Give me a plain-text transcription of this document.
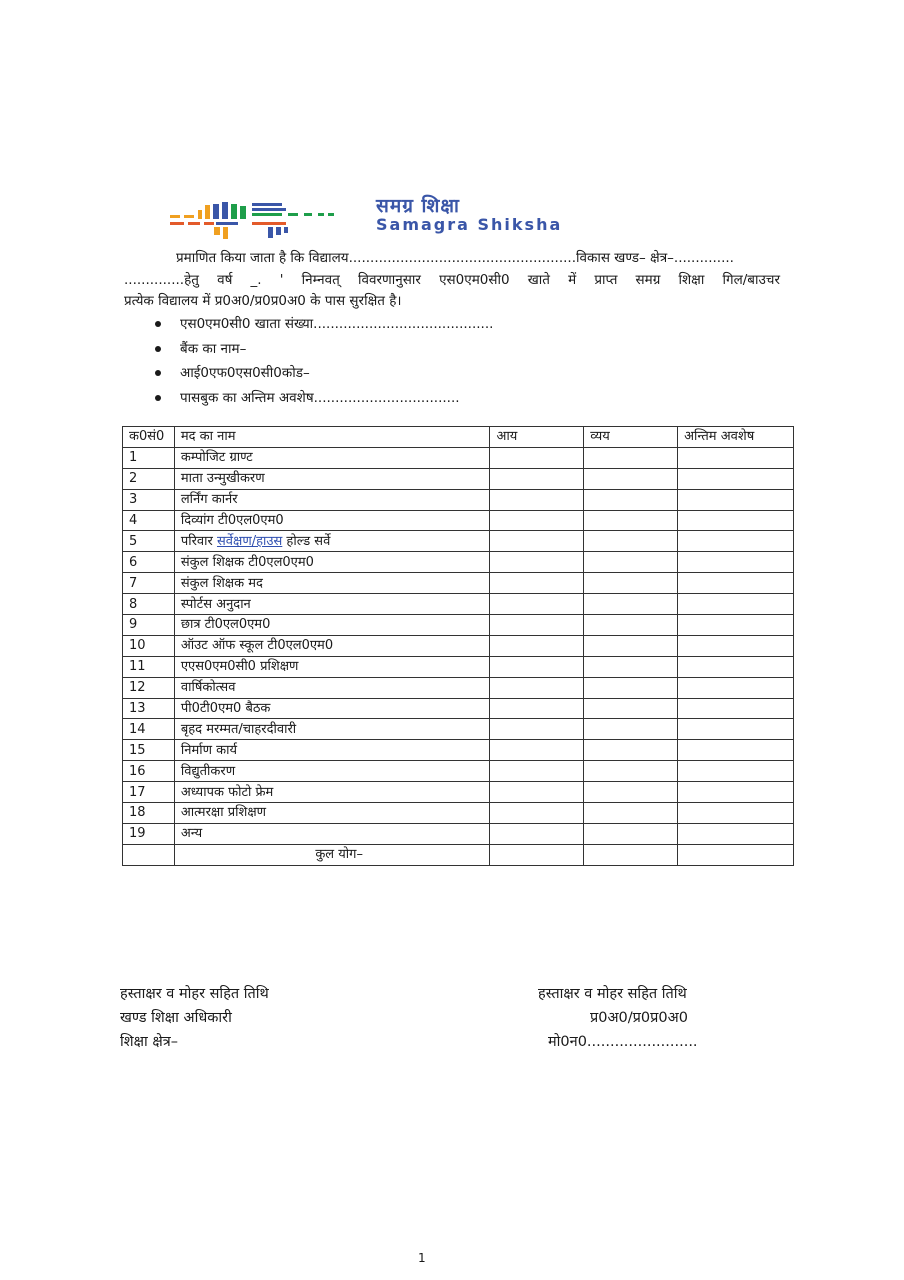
समग्र शिक्षा
Samagra Shiksha
प्रमाणित किया जाता है कि विद्यालय.....................................................विकास खण्ड– क्षेत्र–..............
..............हेतु वर्ष _. ' निम्नवत् विवरणानुसार एस0एम0सी0 खाते में प्राप्त समग्र शिक्षा गिल/बाउचर
प्रत्येक विद्यालय में प्र0अ0/प्र0प्र0अ0 के पास सुरक्षित है।
एस0एम0सी0 खाता संख्या..........................................
बैंक का नाम–
आई0एफ0एस0सी0कोड–
पासबुक का अन्तिम अवशेष..................................
क0सं0	मद का नाम	आय	व्यय	अन्तिम अवशेष
1	कम्पोजिट ग्राण्ट			
2	माता उन्मुखीकरण			
3	लर्निंग कार्नर			
4	दिव्यांग टी0एल0एम0			
5	परिवार सर्वेक्षण/हाउस होल्ड सर्वे			
6	संकुल शिक्षक टी0एल0एम0			
7	संकुल शिक्षक मद			
8	स्पोर्टस अनुदान			
9	छात्र टी0एल0एम0			
10	ऑउट ऑफ स्कूल टी0एल0एम0			
11	एएस0एम0सी0 प्रशिक्षण			
12	वार्षिकोत्सव			
13	पी0टी0एम0 बैठक			
14	बृहद मरम्मत/चाहरदीवारी			
15	निर्माण कार्य			
16	विद्युतीकरण			
17	अध्यापक फोटो फ्रेम			
18	आत्मरक्षा प्रशिक्षण			
19	अन्य			
	कुल योग–			
हस्ताक्षर व मोहर सहित तिथि
खण्ड शिक्षा अधिकारी
शिक्षा क्षेत्र–
हस्ताक्षर व मोहर सहित तिथि
प्र0अ0/प्र0प्र0अ0
मो0न0........................
1
